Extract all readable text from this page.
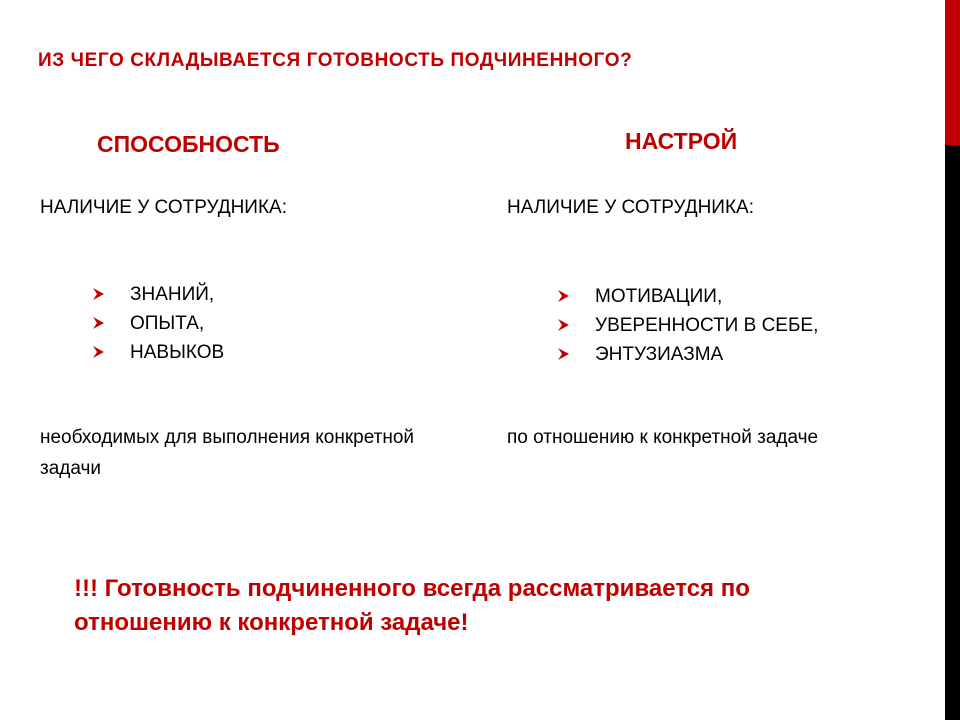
ИЗ ЧЕГО СКЛАДЫВАЕТСЯ ГОТОВНОСТЬ ПОДЧИНЕННОГО?
СПОСОБНОСТЬ
НАЛИЧИЕ У СОТРУДНИКА:
ЗНАНИЙ,
ОПЫТА,
НАВЫКОВ
необходимых для выполнения конкретной задачи
НАСТРОЙ
НАЛИЧИЕ У СОТРУДНИКА:
МОТИВАЦИИ,
УВЕРЕННОСТИ В СЕБЕ,
ЭНТУЗИАЗМА
по отношению к конкретной задаче
!!! Готовность подчиненного всегда рассматривается по отношению к конкретной задаче!
